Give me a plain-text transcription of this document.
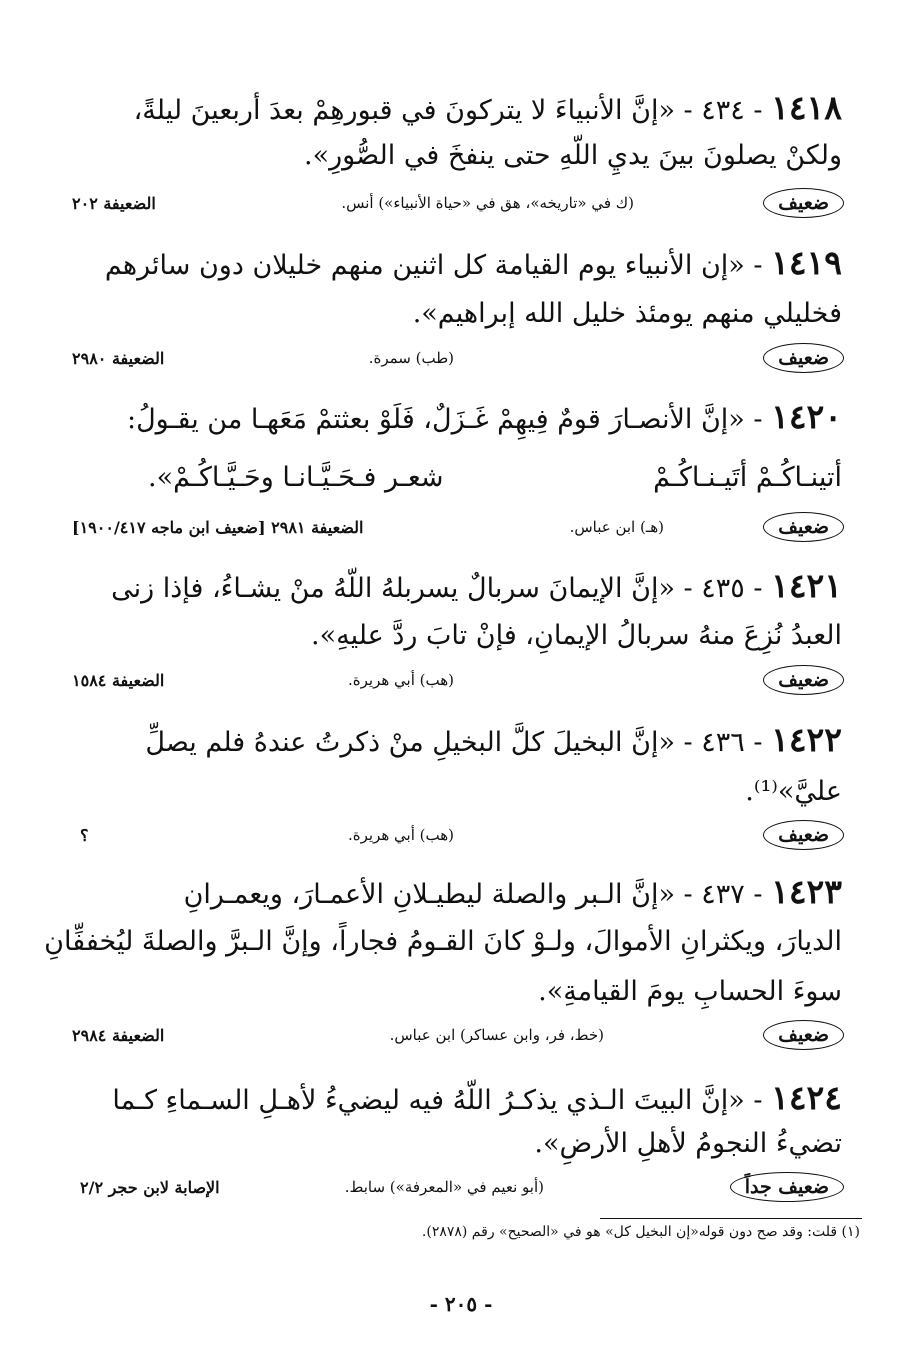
١٤١٨ - ٤٣٤ - «إنَّ الأنبياءَ لا يتركونَ في قبورهِمْ بعدَ أربعينَ ليلةً،
ولكنْ يصلونَ بينَ يديِ اللّهِ حتى ينفخَ في الصُّورِ».
ضعيف
(ك في «تاريخه»، هق في «حياة الأنبياء») أنس.
الضعيفة ٢٠٢
١٤١٩ - «إن الأنبياء يوم القيامة كل اثنين منهم خليلان دون سائرهم
فخليلي منهم يومئذ خليل الله إبراهيم».
ضعيف
(طب) سمرة.
الضعيفة ٢٩٨٠
١٤٢٠ - «إنَّ الأنصـارَ قومٌ فِيهِمْ غَـزَلٌ، فَلَوْ بعثتمْ مَعَهـا من يقـولُ:
أتينـاكُـمْ أتَيـنـاكُـمْ
شعـر فـحَـيَّـانـا وحَـيَّـاكُـمْ».
ضعيف
(هـ) ابن عباس.
الضعيفة ٢٩٨١ [ضعيف ابن ماجه ١٩٠٠/٤١٧]
١٤٢١ - ٤٣٥ - «إنَّ الإيمانَ سربالٌ يسربلهُ اللّهُ منْ يشـاءُ، فإذا زنى
العبدُ نُزِعَ منهُ سربالُ الإيمانِ، فإنْ تابَ ردَّ عليهِ».
ضعيف
(هب) أبي هريرة.
الضعيفة ١٥٨٤
١٤٢٢ - ٤٣٦ - «إنَّ البخيلَ كلَّ البخيلِ منْ ذكرتُ عندهُ فلم يصلِّ
عليَّ»⁽¹⁾.
ضعيف
(هب) أبي هريرة.
؟
١٤٢٣ - ٤٣٧ - «إنَّ الـبر والصلة ليطيـلانِ الأعمـارَ، ويعمـرانِ
الديارَ، ويكثرانِ الأموالَ، ولـوْ كانَ القـومُ فجاراً، وإنَّ الـبرَّ والصلةَ ليُخففِّانِ
سوءَ الحسابِ يومَ القيامةِ».
ضعيف
(خط، فر، وابن عساكر) ابن عباس.
الضعيفة ٢٩٨٤
١٤٢٤ - «إنَّ البيتَ الـذي يذكـرُ اللّهُ فيه ليضيءُ لأهـلِ السـماءِ كـما
تضيءُ النجومُ لأهلِ الأرضِ».
ضعيف جداً
(أبو نعيم في «المعرفة») سابط.
الإصابة لابن حجر ٢/٢
(١) قلت: وقد صح دون قوله«إن البخيل كل» هو في «الصحيح» رقم (٢٨٧٨).
- ٢٠٥ -
